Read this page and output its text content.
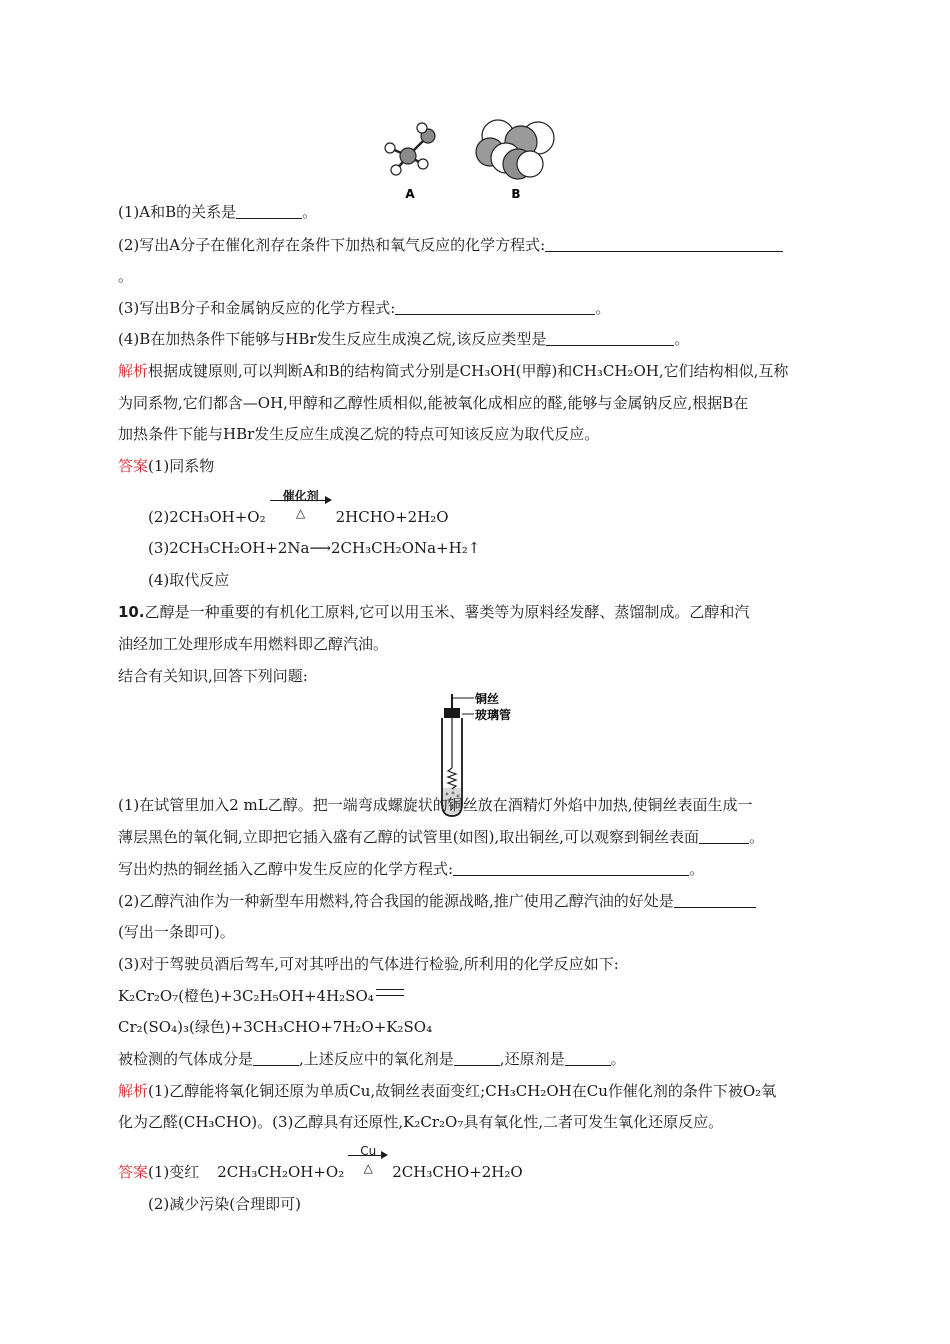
A	B
(1)A和B的关系是	。
(2)写出A分子在催化剂存在条件下加热和氧气反应的化学方程式:
。
(3)写出B分子和金属钠反应的化学方程式:	。
(4)B在加热条件下能够与HBr发生反应生成溴乙烷,该反应类型是	。
解析根据成键原则,可以判断A和B的结构简式分别是CH₃OH(甲醇)和CH₃CH₂OH,它们结构相似,互称
为同系物,它们都含—OH,甲醇和乙醇性质相似,能被氧化成相应的醛,能够与金属钠反应,根据B在
加热条件下能与HBr发生反应生成溴乙烷的特点可知该反应为取代反应。
答案(1)同系物
(2)2CH₃OH+O₂
催化剂
△	2HCHO+2H₂O
(3)2CH₃CH₂OH+2Na⟶2CH₃CH₂ONa+H₂↑
(4)取代反应
10.乙醇是一种重要的有机化工原料,它可以用玉米、薯类等为原料经发酵、蒸馏制成。乙醇和汽
油经加工处理形成车用燃料即乙醇汽油。
结合有关知识,回答下列问题:
铜丝
玻璃管
(1)在试管里加入2 mL乙醇。把一端弯成螺旋状的铜丝放在酒精灯外焰中加热,使铜丝表面生成一
薄层黑色的氧化铜,立即把它插入盛有乙醇的试管里(如图),取出铜丝,可以观察到铜丝表面	。
写出灼热的铜丝插入乙醇中发生反应的化学方程式:	。
(2)乙醇汽油作为一种新型车用燃料,符合我国的能源战略,推广使用乙醇汽油的好处是
(写出一条即可)。
(3)对于驾驶员酒后驾车,可对其呼出的气体进行检验,所利用的化学反应如下:
K₂Cr₂O₇(橙色)+3C₂H₅OH+4H₂SO₄
Cr₂(SO₄)₃(绿色)+3CH₃CHO+7H₂O+K₂SO₄
被检测的气体成分是	,上述反应中的氧化剂是	,还原剂是	。
解析(1)乙醇能将氧化铜还原为单质Cu,故铜丝表面变红;CH₃CH₂OH在Cu作催化剂的条件下被O₂氧
化为乙醛(CH₃CHO)。(3)乙醇具有还原性,K₂Cr₂O₇具有氧化性,二者可发生氧化还原反应。
答案(1)变红 2CH₃CH₂OH+O₂
Cu
△	2CH₃CHO+2H₂O
(2)减少污染(合理即可)
